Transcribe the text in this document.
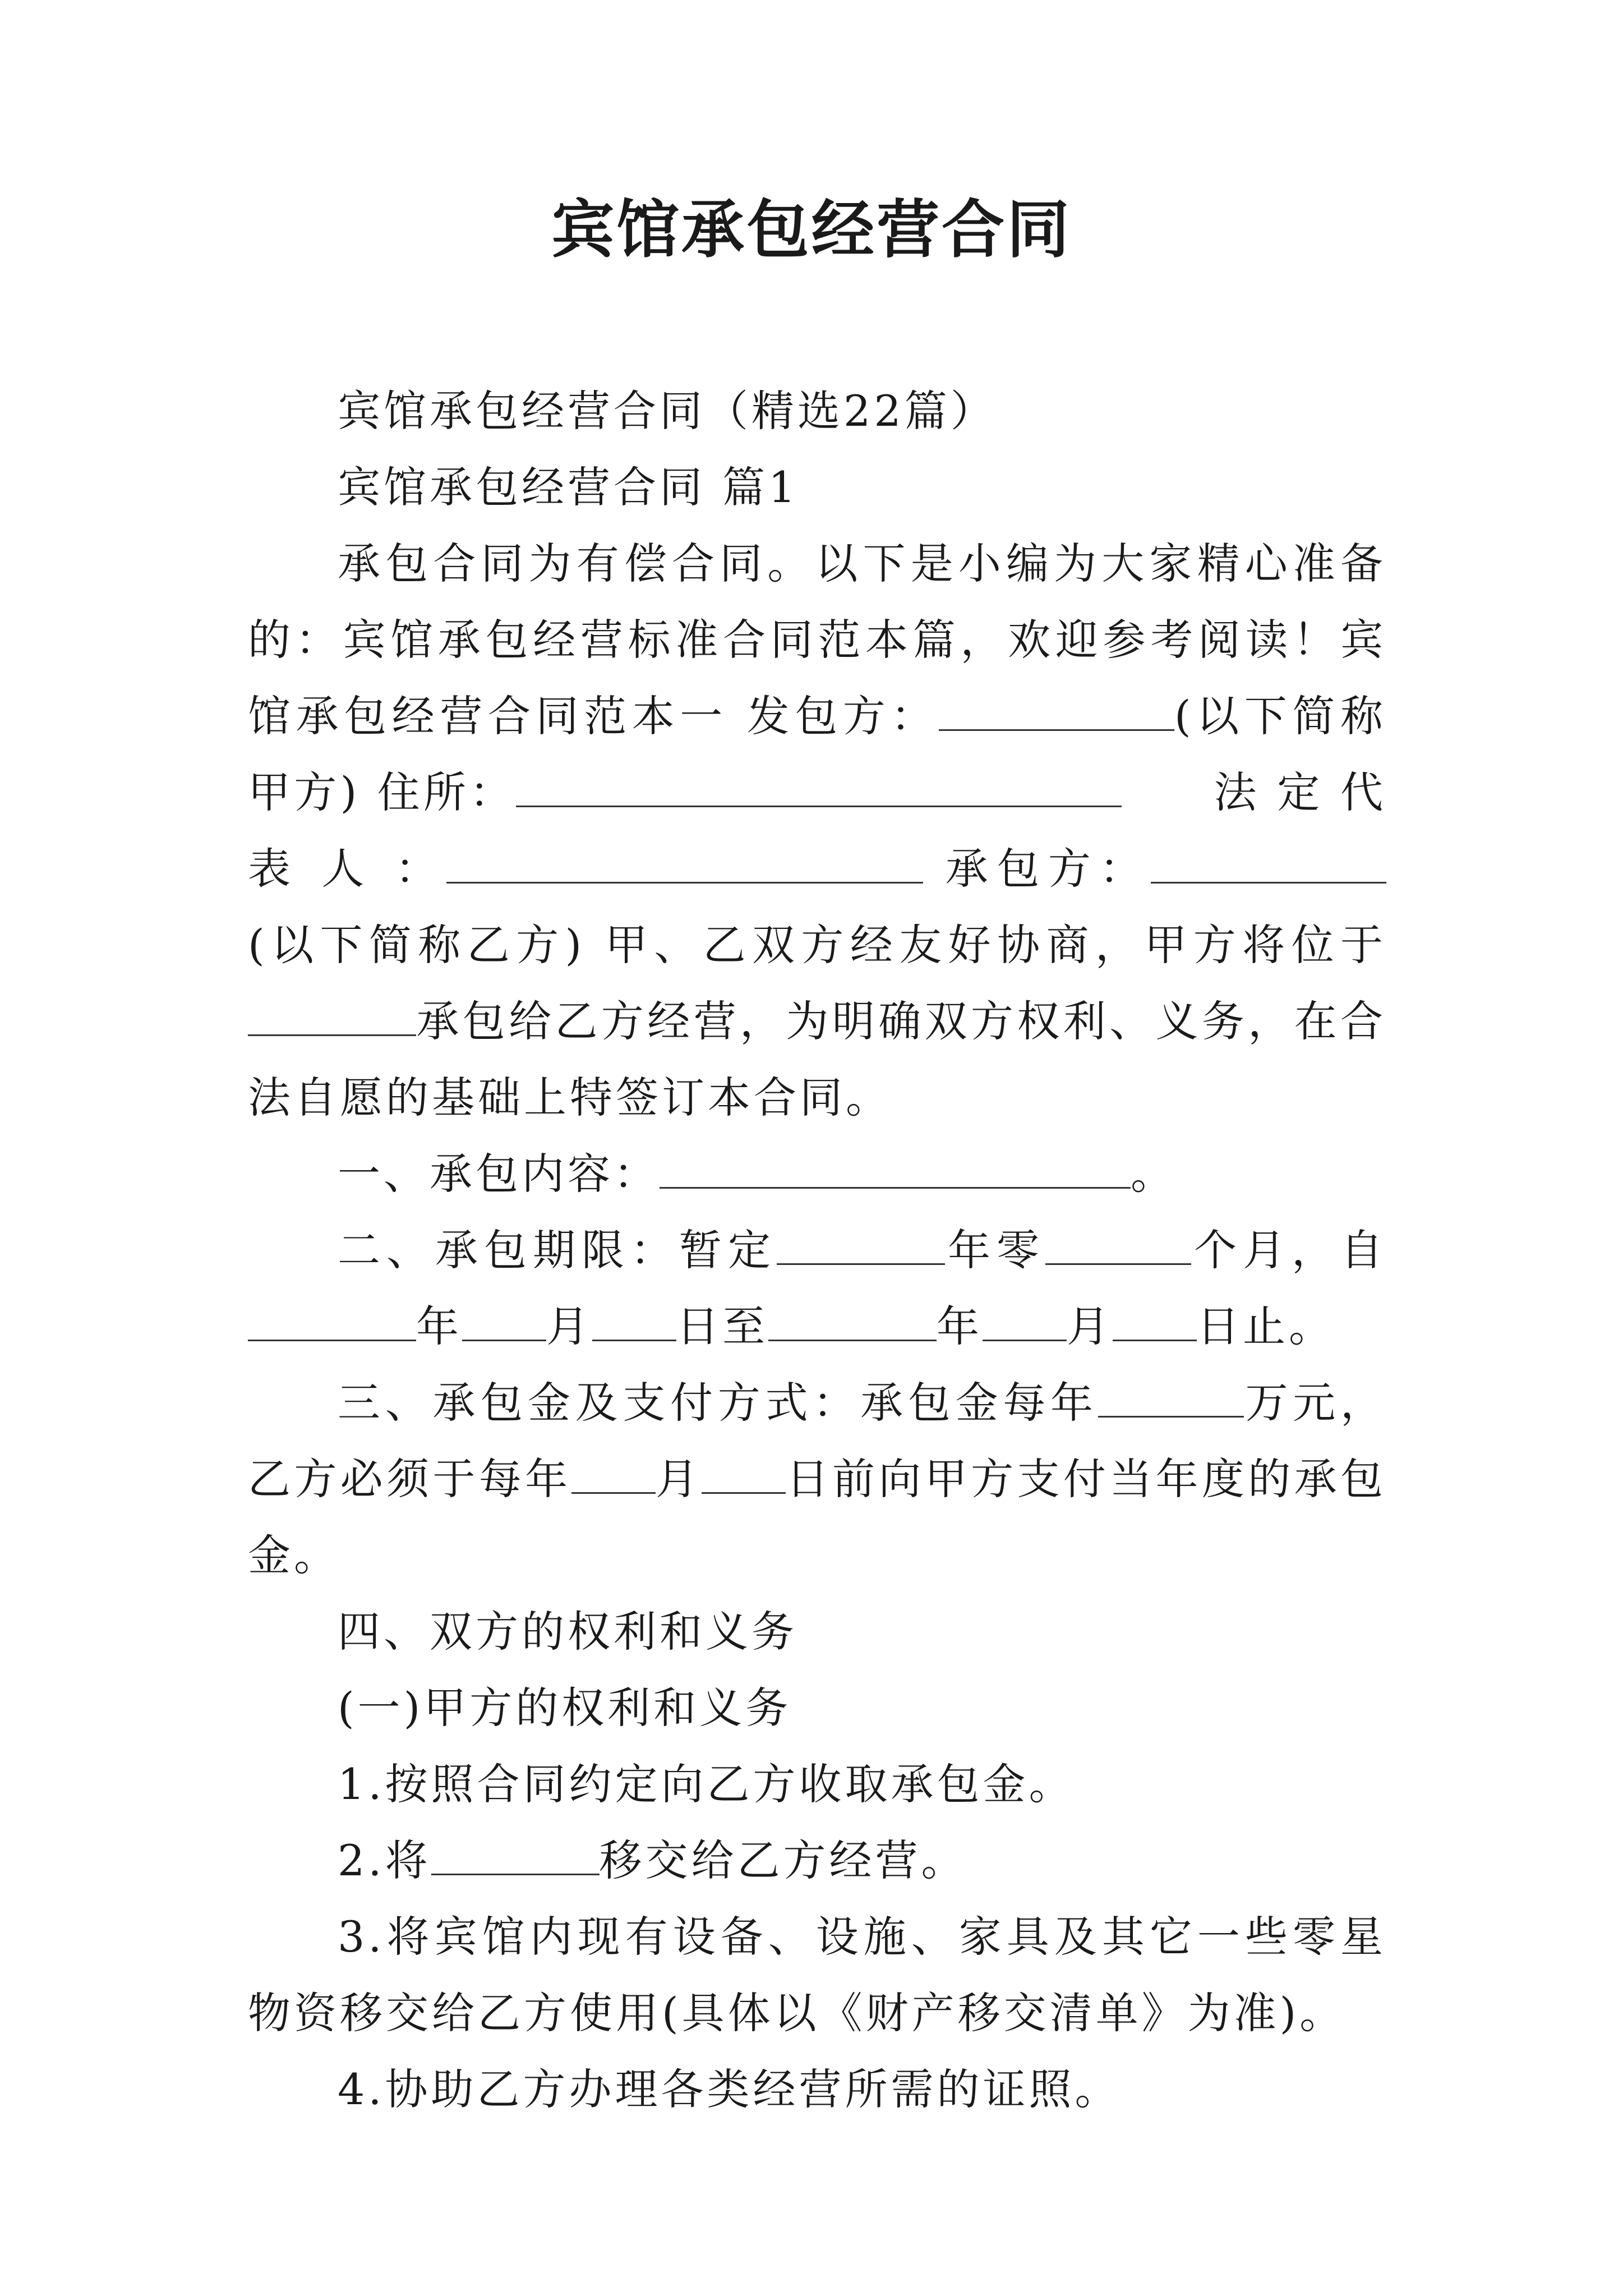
宾馆承包经营合同

宾馆承包经营合同（精选22篇）

宾馆承包经营合同 篇1

承包合同为有偿合同。以下是小编为大家精心准备的：宾馆承包经营标准合同范本篇，欢迎参考阅读！宾馆承包经营合同范本一 发包方：	(以下简称甲方) 住所：　　	法 定 代 表 人 ：	承包方：(以下简称乙方) 甲、乙双方经友好协商，甲方将位于承包给乙方经营，为明确双方权利、义务，在合法自愿的基础上特签订本合同。

一、承包内容：	。

二、承包期限：暂定	年零	个月，自年 月 日至	年 月 日止。

三、承包金及支付方式：承包金每年	万元，乙方必须于每年 月 日前向甲方支付当年度的承包金。

四、双方的权利和义务

(一)甲方的权利和义务

1.按照合同约定向乙方收取承包金。

2.将	移交给乙方经营。

3.将宾馆内现有设备、设施、家具及其它一些零星物资移交给乙方使用(具体以《财产移交清单》为准)。

4.协助乙方办理各类经营所需的证照。
